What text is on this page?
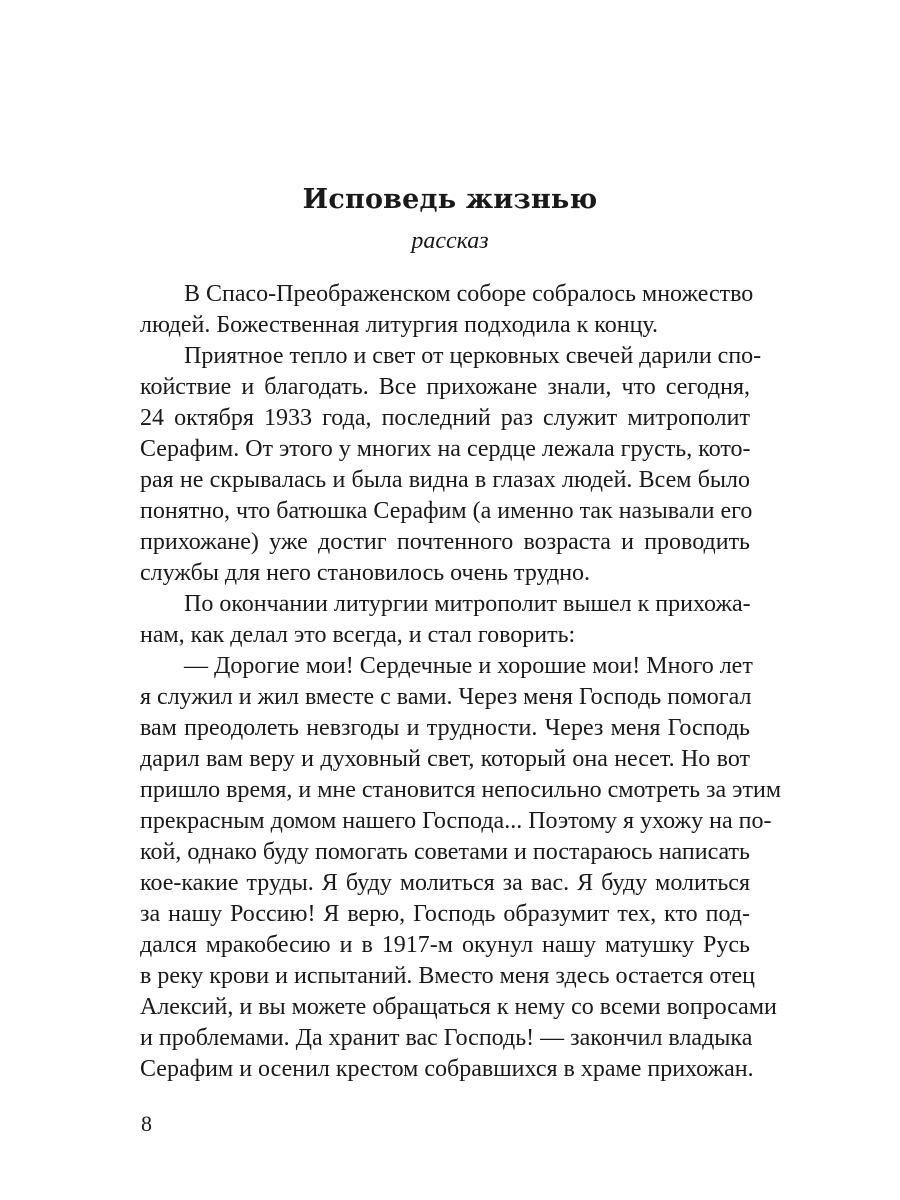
Исповедь жизнью
рассказ
В Спасо-Преображенском соборе собралось множество
людей. Божественная литургия подходила к концу.
Приятное тепло и свет от церковных свечей дарили спо-
койствие и благодать. Все прихожане знали, что сегодня,
24 октября 1933 года, последний раз служит митрополит
Серафим. От этого у многих на сердце лежала грусть, кото-
рая не скрывалась и была видна в глазах людей. Всем было
понятно, что батюшка Серафим (а именно так называли его
прихожане) уже достиг почтенного возраста и проводить
службы для него становилось очень трудно.
По окончании литургии митрополит вышел к прихожа-
нам, как делал это всегда, и стал говорить:
— Дорогие мои! Сердечные и хорошие мои! Много лет
я служил и жил вместе с вами. Через меня Господь помогал
вам преодолеть невзгоды и трудности. Через меня Господь
дарил вам веру и духовный свет, который она несет. Но вот
пришло время, и мне становится непосильно смотреть за этим
прекрасным домом нашего Господа... Поэтому я ухожу на по-
кой, однако буду помогать советами и постараюсь написать
кое-какие труды. Я буду молиться за вас. Я буду молиться
за нашу Россию! Я верю, Господь образумит тех, кто под-
дался мракобесию и в 1917-м окунул нашу матушку Русь
в реку крови и испытаний. Вместо меня здесь остается отец
Алексий, и вы можете обращаться к нему со всеми вопросами
и проблемами. Да хранит вас Господь! — закончил владыка
Серафим и осенил крестом собравшихся в храме прихожан.
8
